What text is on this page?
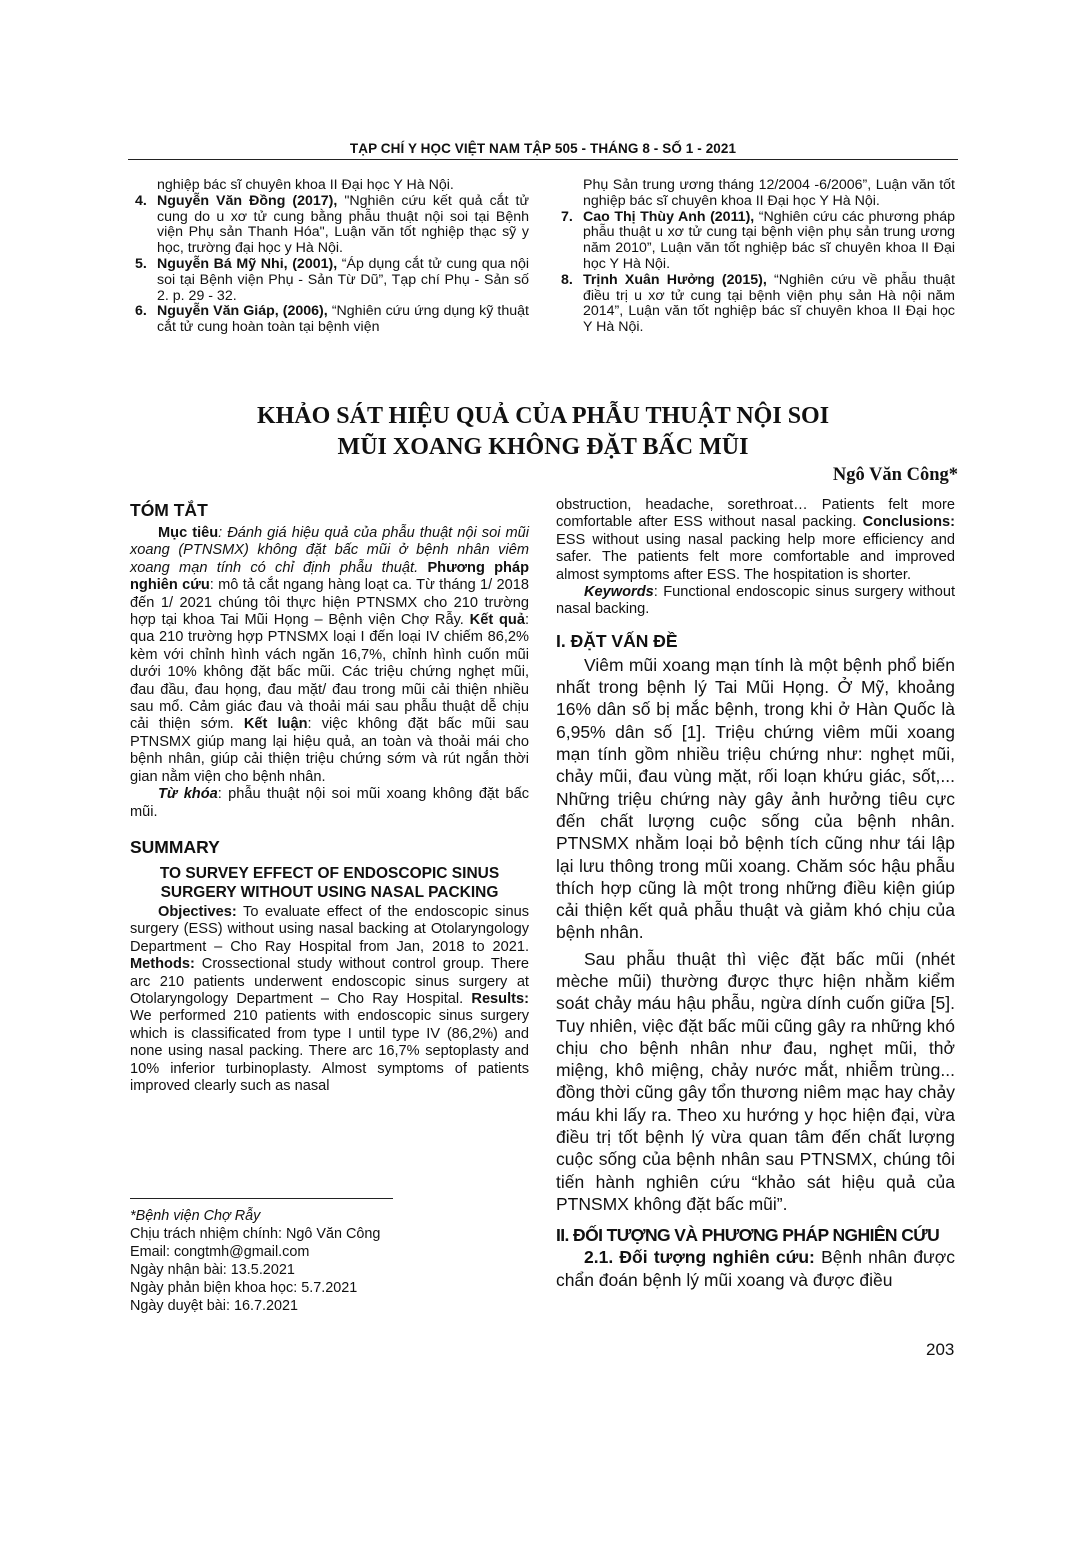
TẠP CHÍ Y HỌC VIỆT NAM TẬP 505 - THÁNG 8 - SỐ 1 - 2021

nghiệp bác sĩ chuyên khoa II Đại học Y Hà Nội.

4. Nguyễn Văn Đồng (2017), "Nghiên cứu kết quả cắt tử cung do u xơ tử cung bằng phẫu thuật nội soi tại Bệnh viện Phụ sản Thanh Hóa", Luận văn tốt nghiệp thạc sỹ y học, trường đại học y Hà Nội.

5. Nguyễn Bá Mỹ Nhi, (2001), “Áp dụng cắt tử cung qua nội soi tại Bệnh viện Phụ - Sản Từ Dũ”, Tạp chí Phụ - Sản số 2. p. 29 - 32.

6. Nguyễn Văn Giáp, (2006), “Nghiên cứu ứng dụng kỹ thuật cắt tử cung hoàn toàn tại bệnh viện

Phụ Sản trung ương tháng 12/2004 -6/2006”, Luận văn tốt nghiệp bác sĩ chuyên khoa II Đại học Y Hà Nội.

7. Cao Thị Thùy Anh (2011), “Nghiên cứu các phương pháp phẫu thuật u xơ tử cung tại bệnh viện phụ sản trung ương năm 2010”, Luận văn tốt nghiệp bác sĩ chuyên khoa II Đại học Y Hà Nội.

8. Trịnh Xuân Hưởng (2015), “Nghiên cứu về phẫu thuật điều trị u xơ tử cung tại bệnh viện phụ sản Hà nội năm 2014”, Luận văn tốt nghiệp bác sĩ chuyên khoa II Đại học Y Hà Nội.

KHẢO SÁT HIỆU QUẢ CỦA PHẪU THUẬT NỘI SOI
MŨI XOANG KHÔNG ĐẶT BẤC MŨI
Ngô Văn Công*
TÓM TẮT

Mục tiêu: Đánh giá hiệu quả của phẫu thuật nội soi mũi xoang (PTNSMX) không đặt bấc mũi ở bệnh nhân viêm xoang mạn tính có chỉ định phẫu thuật. Phương pháp nghiên cứu: mô tả cắt ngang hàng loạt ca. Từ tháng 1/ 2018 đến 1/ 2021 chúng tôi thực hiện PTNSMX cho 210 trường hợp tại khoa Tai Mũi Họng – Bệnh viện Chợ Rẫy. Kết quả: qua 210 trường hợp PTNSMX loại I đến loại IV chiếm 86,2% kèm với chỉnh hình vách ngăn 16,7%, chỉnh hình cuốn mũi dưới 10% không đặt bấc mũi. Các triệu chứng nghẹt mũi, đau đầu, đau họng, đau mặt/ đau trong mũi cải thiện nhiều sau mổ. Cảm giác đau và thoải mái sau phẫu thuật dễ chịu cải thiện sớm. Kết luận: việc không đặt bấc mũi sau PTNSMX giúp mang lại hiệu quả, an toàn và thoải mái cho bệnh nhân, giúp cải thiện triệu chứng sớm và rút ngắn thời gian nằm viện cho bệnh nhân.

Từ khóa: phẫu thuật nội soi mũi xoang không đặt bấc mũi.

SUMMARY

TO SURVEY EFFECT OF ENDOSCOPIC SINUS SURGERY WITHOUT USING NASAL PACKING

Objectives: To evaluate effect of the endoscopic sinus surgery (ESS) without using nasal backing at Otolaryngology Department – Cho Ray Hospital from Jan, 2018 to 2021. Methods: Crossectional study without control group. There arc 210 patients underwent endoscopic sinus surgery at Otolaryngology Department – Cho Ray Hospital. Results: We performed 210 patients with endoscopic sinus surgery which is classificated from type I until type IV (86,2%) and none using nasal packing. There arc 16,7% septoplasty and 10% inferior turbinoplasty. Almost symptoms of patients improved clearly such as nasal

*Bệnh viện Chợ Rẫy
Chịu trách nhiệm chính: Ngô Văn Công
Email: congtmh@gmail.com
Ngày nhận bài: 13.5.2021
Ngày phản biện khoa học: 5.7.2021
Ngày duyệt bài: 16.7.2021

obstruction, headache, sorethroat… Patients felt more comfortable after ESS without nasal packing. Conclusions: ESS without using nasal packing help more efficiency and safer. The patients felt more comfortable and improved almost symptoms after ESS. The hospitation is shorter.

Keywords: Functional endoscopic sinus surgery without nasal backing.

I. ĐẶT VẤN ĐỀ

Viêm mũi xoang mạn tính là một bệnh phổ biến nhất trong bệnh lý Tai Mũi Họng. Ở Mỹ, khoảng 16% dân số bị mắc bệnh, trong khi ở Hàn Quốc là 6,95% dân số [1]. Triệu chứng viêm mũi xoang mạn tính gồm nhiều triệu chứng như: nghẹt mũi, chảy mũi, đau vùng mặt, rối loạn khứu giác, sốt,... Những triệu chứng này gây ảnh hưởng tiêu cực đến chất lượng cuộc sống của bệnh nhân. PTNSMX nhằm loại bỏ bệnh tích cũng như tái lập lại lưu thông trong mũi xoang. Chăm sóc hậu phẫu thích hợp cũng là một trong những điều kiện giúp cải thiện kết quả phẫu thuật và giảm khó chịu của bệnh nhân.

Sau phẫu thuật thì việc đặt bấc mũi (nhét mèche mũi) thường được thực hiện nhằm kiểm soát chảy máu hậu phẫu, ngừa dính cuốn giữa [5]. Tuy nhiên, việc đặt bấc mũi cũng gây ra những khó chịu cho bệnh nhân như đau, nghẹt mũi, thở miệng, khô miệng, chảy nước mắt, nhiễm trùng... đồng thời cũng gây tổn thương niêm mạc hay chảy máu khi lấy ra. Theo xu hướng y học hiện đại, vừa điều trị tốt bệnh lý vừa quan tâm đến chất lượng cuộc sống của bệnh nhân sau PTNSMX, chúng tôi tiến hành nghiên cứu “khảo sát hiệu quả của PTNSMX không đặt bấc mũi”.

II. ĐỐI TƯỢNG VÀ PHƯƠNG PHÁP NGHIÊN CỨU

2.1. Đối tượng nghiên cứu: Bệnh nhân được chẩn đoán bệnh lý mũi xoang và được điều

203
